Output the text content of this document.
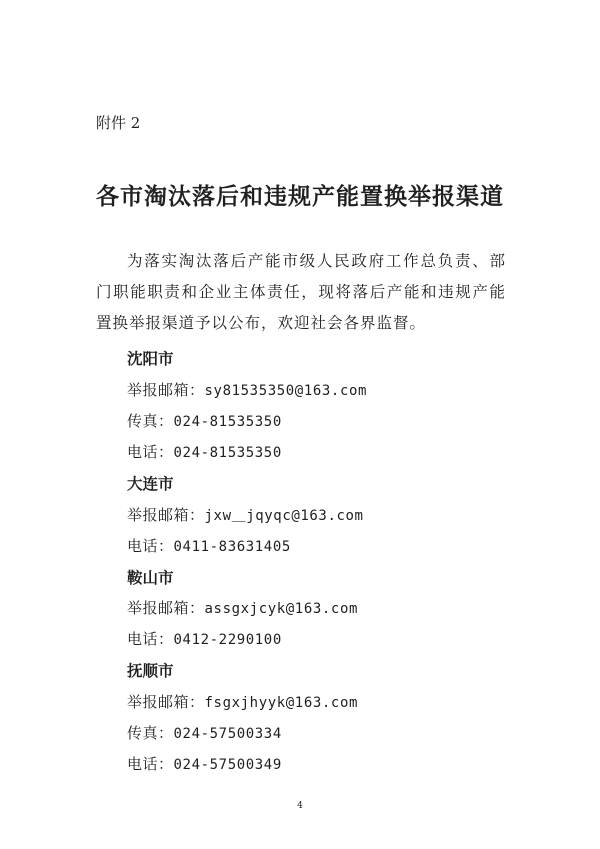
附件 2
各市淘汰落后和违规产能置换举报渠道
为落实淘汰落后产能市级人民政府工作总负责、部门职能职责和企业主体责任，现将落后产能和违规产能置换举报渠道予以公布，欢迎社会各界监督。
沈阳市
举报邮箱：sy81535350@163.com
传真：024-81535350
电话：024-81535350
大连市
举报邮箱：jxw＿jqyqc@163.com
电话：0411-83631405
鞍山市
举报邮箱：assgxjcyk@163.com
电话：0412-2290100
抚顺市
举报邮箱：fsgxjhyyk@163.com
传真：024-57500334
电话：024-57500349
4
